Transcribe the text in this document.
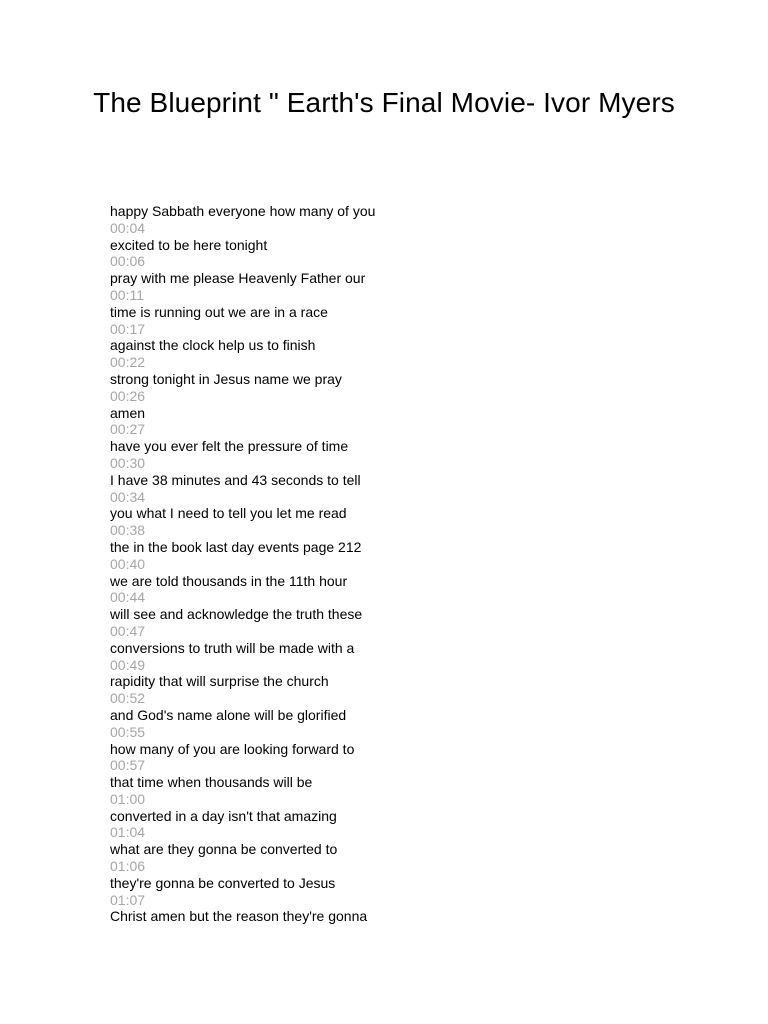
The Blueprint " Earth's Final Movie- Ivor Myers
happy Sabbath everyone how many of you
00:04
excited to be here tonight
00:06
pray with me please Heavenly Father our
00:11
time is running out we are in a race
00:17
against the clock help us to finish
00:22
strong tonight in Jesus name we pray
00:26
amen
00:27
have you ever felt the pressure of time
00:30
I have 38 minutes and 43 seconds to tell
00:34
you what I need to tell you let me read
00:38
the in the book last day events page 212
00:40
we are told thousands in the 11th hour
00:44
will see and acknowledge the truth these
00:47
conversions to truth will be made with a
00:49
rapidity that will surprise the church
00:52
and God's name alone will be glorified
00:55
how many of you are looking forward to
00:57
that time when thousands will be
01:00
converted in a day isn't that amazing
01:04
what are they gonna be converted to
01:06
they're gonna be converted to Jesus
01:07
Christ amen but the reason they're gonna
